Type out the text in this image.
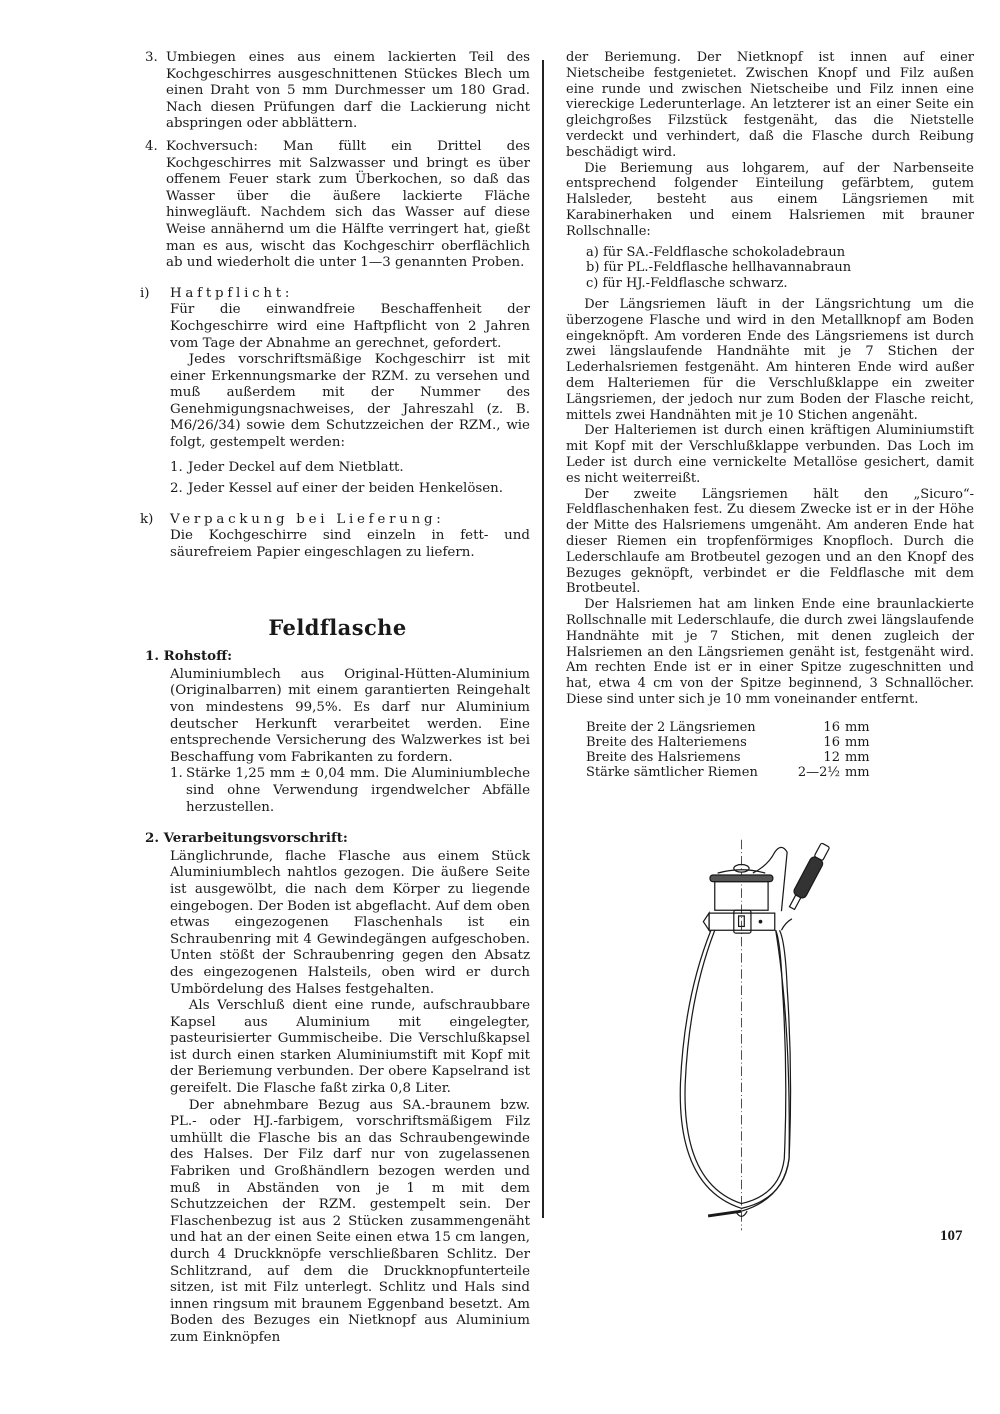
3. Umbiegen eines aus einem lackierten Teil des Kochgeschirres ausgeschnittenen Stückes Blech um einen Draht von 5 mm Durchmesser um 180 Grad. Nach diesen Prüfungen darf die Lackierung nicht abspringen oder abblättern.
4. Kochversuch: Man füllt ein Drittel des Kochgeschirres mit Salzwasser und bringt es über offenem Feuer stark zum Überkochen, so daß das Wasser über die äußere lackierte Fläche hinwegläuft. Nachdem sich das Wasser auf diese Weise annähernd um die Hälfte verringert hat, gießt man es aus, wischt das Kochgeschirr oberflächlich ab und wiederholt die unter 1—3 genannten Proben.
i) Haftpflicht:

Für die einwandfreie Beschaffenheit der Kochgeschirre wird eine Haftpflicht von 2 Jahren vom Tage der Abnahme an gerechnet, gefordert.

Jedes vorschriftsmäßige Kochgeschirr ist mit einer Erkennungsmarke der RZM. zu versehen und muß außerdem mit der Nummer des Genehmigungsnachweises, der Jahreszahl (z. B. M6/26/34) sowie dem Schutzzeichen der RZM., wie folgt, gestempelt werden:

1. Jeder Deckel auf dem Nietblatt.
2. Jeder Kessel auf einer der beiden Henkelösen.
k) Verpackung bei Lieferung:

Die Kochgeschirre sind einzeln in fett- und säurefreiem Papier eingeschlagen zu liefern.

Feldflasche
1. Rohstoff:

Aluminiumblech aus Original-Hütten-Aluminium (Originalbarren) mit einem garantierten Reingehalt von mindestens 99,5%. Es darf nur Aluminium deutscher Herkunft verarbeitet werden. Eine entsprechende Versicherung des Walzwerkes ist bei Beschaffung vom Fabrikanten zu fordern.

1. Stärke 1,25 mm ± 0,04 mm. Die Aluminiumbleche sind ohne Verwendung irgendwelcher Abfälle herzustellen.
2. Verarbeitungsvorschrift:

Länglichrunde, flache Flasche aus einem Stück Aluminiumblech nahtlos gezogen. Die äußere Seite ist ausgewölbt, die nach dem Körper zu liegende eingebogen. Der Boden ist abgeflacht. Auf dem oben etwas eingezogenen Flaschenhals ist ein Schraubenring mit 4 Gewindegängen aufgeschoben. Unten stößt der Schraubenring gegen den Absatz des eingezogenen Halsteils, oben wird er durch Umbördelung des Halses festgehalten.

Als Verschluß dient eine runde, aufschraubbare Kapsel aus Aluminium mit eingelegter, pasteurisierter Gummischeibe. Die Verschlußkapsel ist durch einen starken Aluminiumstift mit Kopf mit der Beriemung verbunden. Der obere Kapselrand ist gereifelt. Die Flasche faßt zirka 0,8 Liter.

Der abnehmbare Bezug aus SA.-braunem bzw. PL.- oder HJ.-farbigem, vorschriftsmäßigem Filz umhüllt die Flasche bis an das Schraubengewinde des Halses. Der Filz darf nur von zugelassenen Fabriken und Großhändlern bezogen werden und muß in Abständen von je 1 m mit dem Schutzzeichen der RZM. gestempelt sein. Der Flaschenbezug ist aus 2 Stücken zusammengenäht und hat an der einen Seite einen etwa 15 cm langen, durch 4 Druckknöpfe verschließbaren Schlitz. Der Schlitzrand, auf dem die Druckknopfunterteile sitzen, ist mit Filz unterlegt. Schlitz und Hals sind innen ringsum mit braunem Eggenband besetzt. Am Boden des Bezuges ein Nietknopf aus Aluminium zum Einknöpfen

der Beriemung. Der Nietknopf ist innen auf einer Nietscheibe festgenietet. Zwischen Knopf und Filz außen eine runde und zwischen Nietscheibe und Filz innen eine viereckige Lederunterlage. An letzterer ist an einer Seite ein gleichgroßes Filzstück festgenäht, das die Nietstelle verdeckt und verhindert, daß die Flasche durch Reibung beschädigt wird.

Die Beriemung aus lohgarem, auf der Narbenseite entsprechend folgender Einteilung gefärbtem, gutem Halsleder, besteht aus einem Längsriemen mit Karabinerhaken und einem Halsriemen mit brauner Rollschnalle:

a) für SA.-Feldflasche schokoladebraun
b) für PL.-Feldflasche hellhavannabraun
c) für HJ.-Feldflasche schwarz.

Der Längsriemen läuft in der Längsrichtung um die überzogene Flasche und wird in den Metallknopf am Boden eingeknöpft. Am vorderen Ende des Längsriemens ist durch zwei längslaufende Handnähte mit je 7 Stichen der Lederhalsriemen festgenäht. Am hinteren Ende wird außer dem Halteriemen für die Verschlußklappe ein zweiter Längsriemen, der jedoch nur zum Boden der Flasche reicht, mittels zwei Handnähten mit je 10 Stichen angenäht.

Der Halteriemen ist durch einen kräftigen Aluminiumstift mit Kopf mit der Verschlußklappe verbunden. Das Loch im Leder ist durch eine vernickelte Metallöse gesichert, damit es nicht weiterreißt.

Der zweite Längsriemen hält den „Sicuro“-Feldflaschenhaken fest. Zu diesem Zwecke ist er in der Höhe der Mitte des Halsriemens umgenäht. Am anderen Ende hat dieser Riemen ein tropfenförmiges Knopfloch. Durch die Lederschlaufe am Brotbeutel gezogen und an den Knopf des Bezuges geknöpft, verbindet er die Feldflasche mit dem Brotbeutel.

Der Halsriemen hat am linken Ende eine braunlackierte Rollschnalle mit Lederschlaufe, die durch zwei längslaufende Handnähte mit je 7 Stichen, mit denen zugleich der Halsriemen an den Längsriemen genäht ist, festgenäht wird. Am rechten Ende ist er in einer Spitze zugeschnitten und hat, etwa 4 cm von der Spitze beginnend, 3 Schnallöcher. Diese sind unter sich je 10 mm voneinander entfernt.

Breite der 2 Längsriemen	16	mm
Breite des Halteriemens	16	mm
Breite des Halsriemens	12	mm
Stärke sämtlicher Riemen	2—2½	mm
107
